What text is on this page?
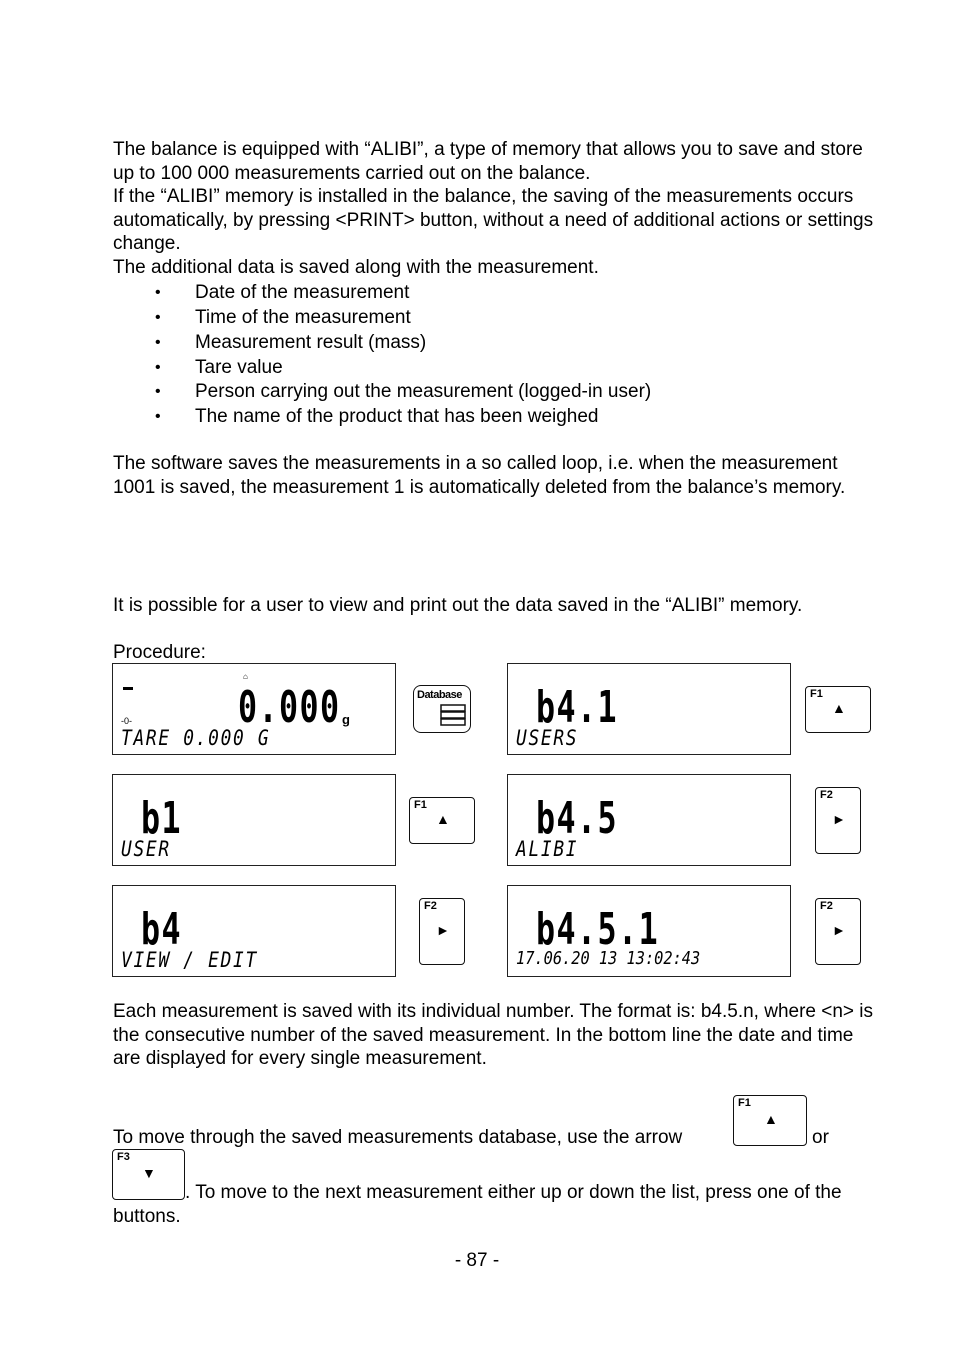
The balance is equipped with “ALIBI”, a type of memory that allows you to save and store up to 100 000 measurements carried out on the balance.

If the “ALIBI” memory is installed in the balance, the saving of the measurements occurs automatically, by pressing <PRINT> button, without a need of additional actions or settings change.

The additional data is saved along with the measurement.

• Date of the measurement
• Time of the measurement
• Measurement result (mass)
• Tare value
• Person carrying out the measurement (logged-in user)
• The name of the product that has been weighed

The software saves the measurements in a so called loop, i.e. when the measurement 1001 is saved, the measurement 1 is automatically deleted from the balance’s memory.

It is possible for a user to view and print out the data saved in the “ALIBI” memory.

Procedure:

▬
-0-
⌂
0.000 g
TARE 0.000 G
Database b4.1
USERS
F1
▲
b1
USER
F1
▲ b4.5
ALIBI
F2
►
b4
VIEW / EDIT
F2
► b4.5.1
17.06.20 13 13:02:43
F2
►

Each measurement is saved with its individual number. The format is: b4.5.n, where <n> is the consecutive number of the saved measurement. In the bottom line the date and time are displayed for every single measurement.

To move through the saved measurements database, use the arrow
F1
▲
or
F3
▼

. To move to the next measurement either up or down the list, press one of the buttons.

- 87 -
